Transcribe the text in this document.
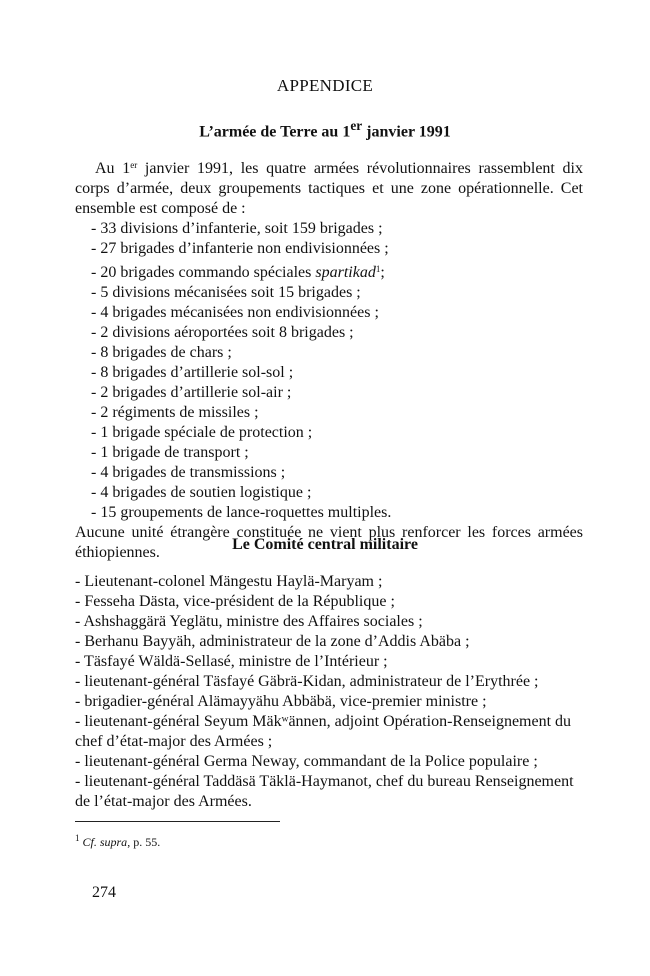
APPENDICE
L’armée de Terre au 1er janvier 1991

Au 1er janvier 1991, les quatre armées révolutionnaires rassemblent dix corps d’armée, deux groupements tactiques et une zone opérationnelle. Cet ensemble est composé de :

- 33 divisions d’infanterie, soit 159 brigades ;
- 27 brigades d’infanterie non endivisionnées ;
- 20 brigades commando spéciales spartikad$^1$;
- 5 divisions mécanisées soit 15 brigades ;
- 4 brigades mécanisées non endivisionnées ;
- 2 divisions aéroportées soit 8 brigades ;
- 8 brigades de chars ;
- 8 brigades d’artillerie sol-sol ;
- 2 brigades d’artillerie sol-air ;
- 2 régiments de missiles ;
- 1 brigade spéciale de protection ;
- 1 brigade de transport ;
- 4 brigades de transmissions ;
- 4 brigades de soutien logistique ;
- 15 groupements de lance-roquettes multiples.

Aucune unité étrangère constituée ne vient plus renforcer les forces armées éthiopiennes.	Le Comité central militaire
- Lieutenant-colonel Mängestu Haylä-Maryam ;
- Fesseha Dästa, vice-président de la République ;
- Ashshaggärä Yeglätu, ministre des Affaires sociales ;
- Berhanu Bayyäh, administrateur de la zone d’Addis Abäba ;
- Täsfayé Wäldä-Sellasé, ministre de l’Intérieur ;
- lieutenant-général Täsfayé Gäbrä-Kidan, administrateur de l’Erythrée ;
- brigadier-général Alämayyähu Abbäbä, vice-premier ministre ;
- lieutenant-général Seyum Mäkʷännen, adjoint Opération-Renseignement du chef d’état-major des Armées ;
- lieutenant-général Germa Neway, commandant de la Police populaire ;
- lieutenant-général Taddäsä Täklä-Haymanot, chef du bureau Renseignement de l’état-major des Armées.
$^1$ Cf. supra, p. 55.
274
